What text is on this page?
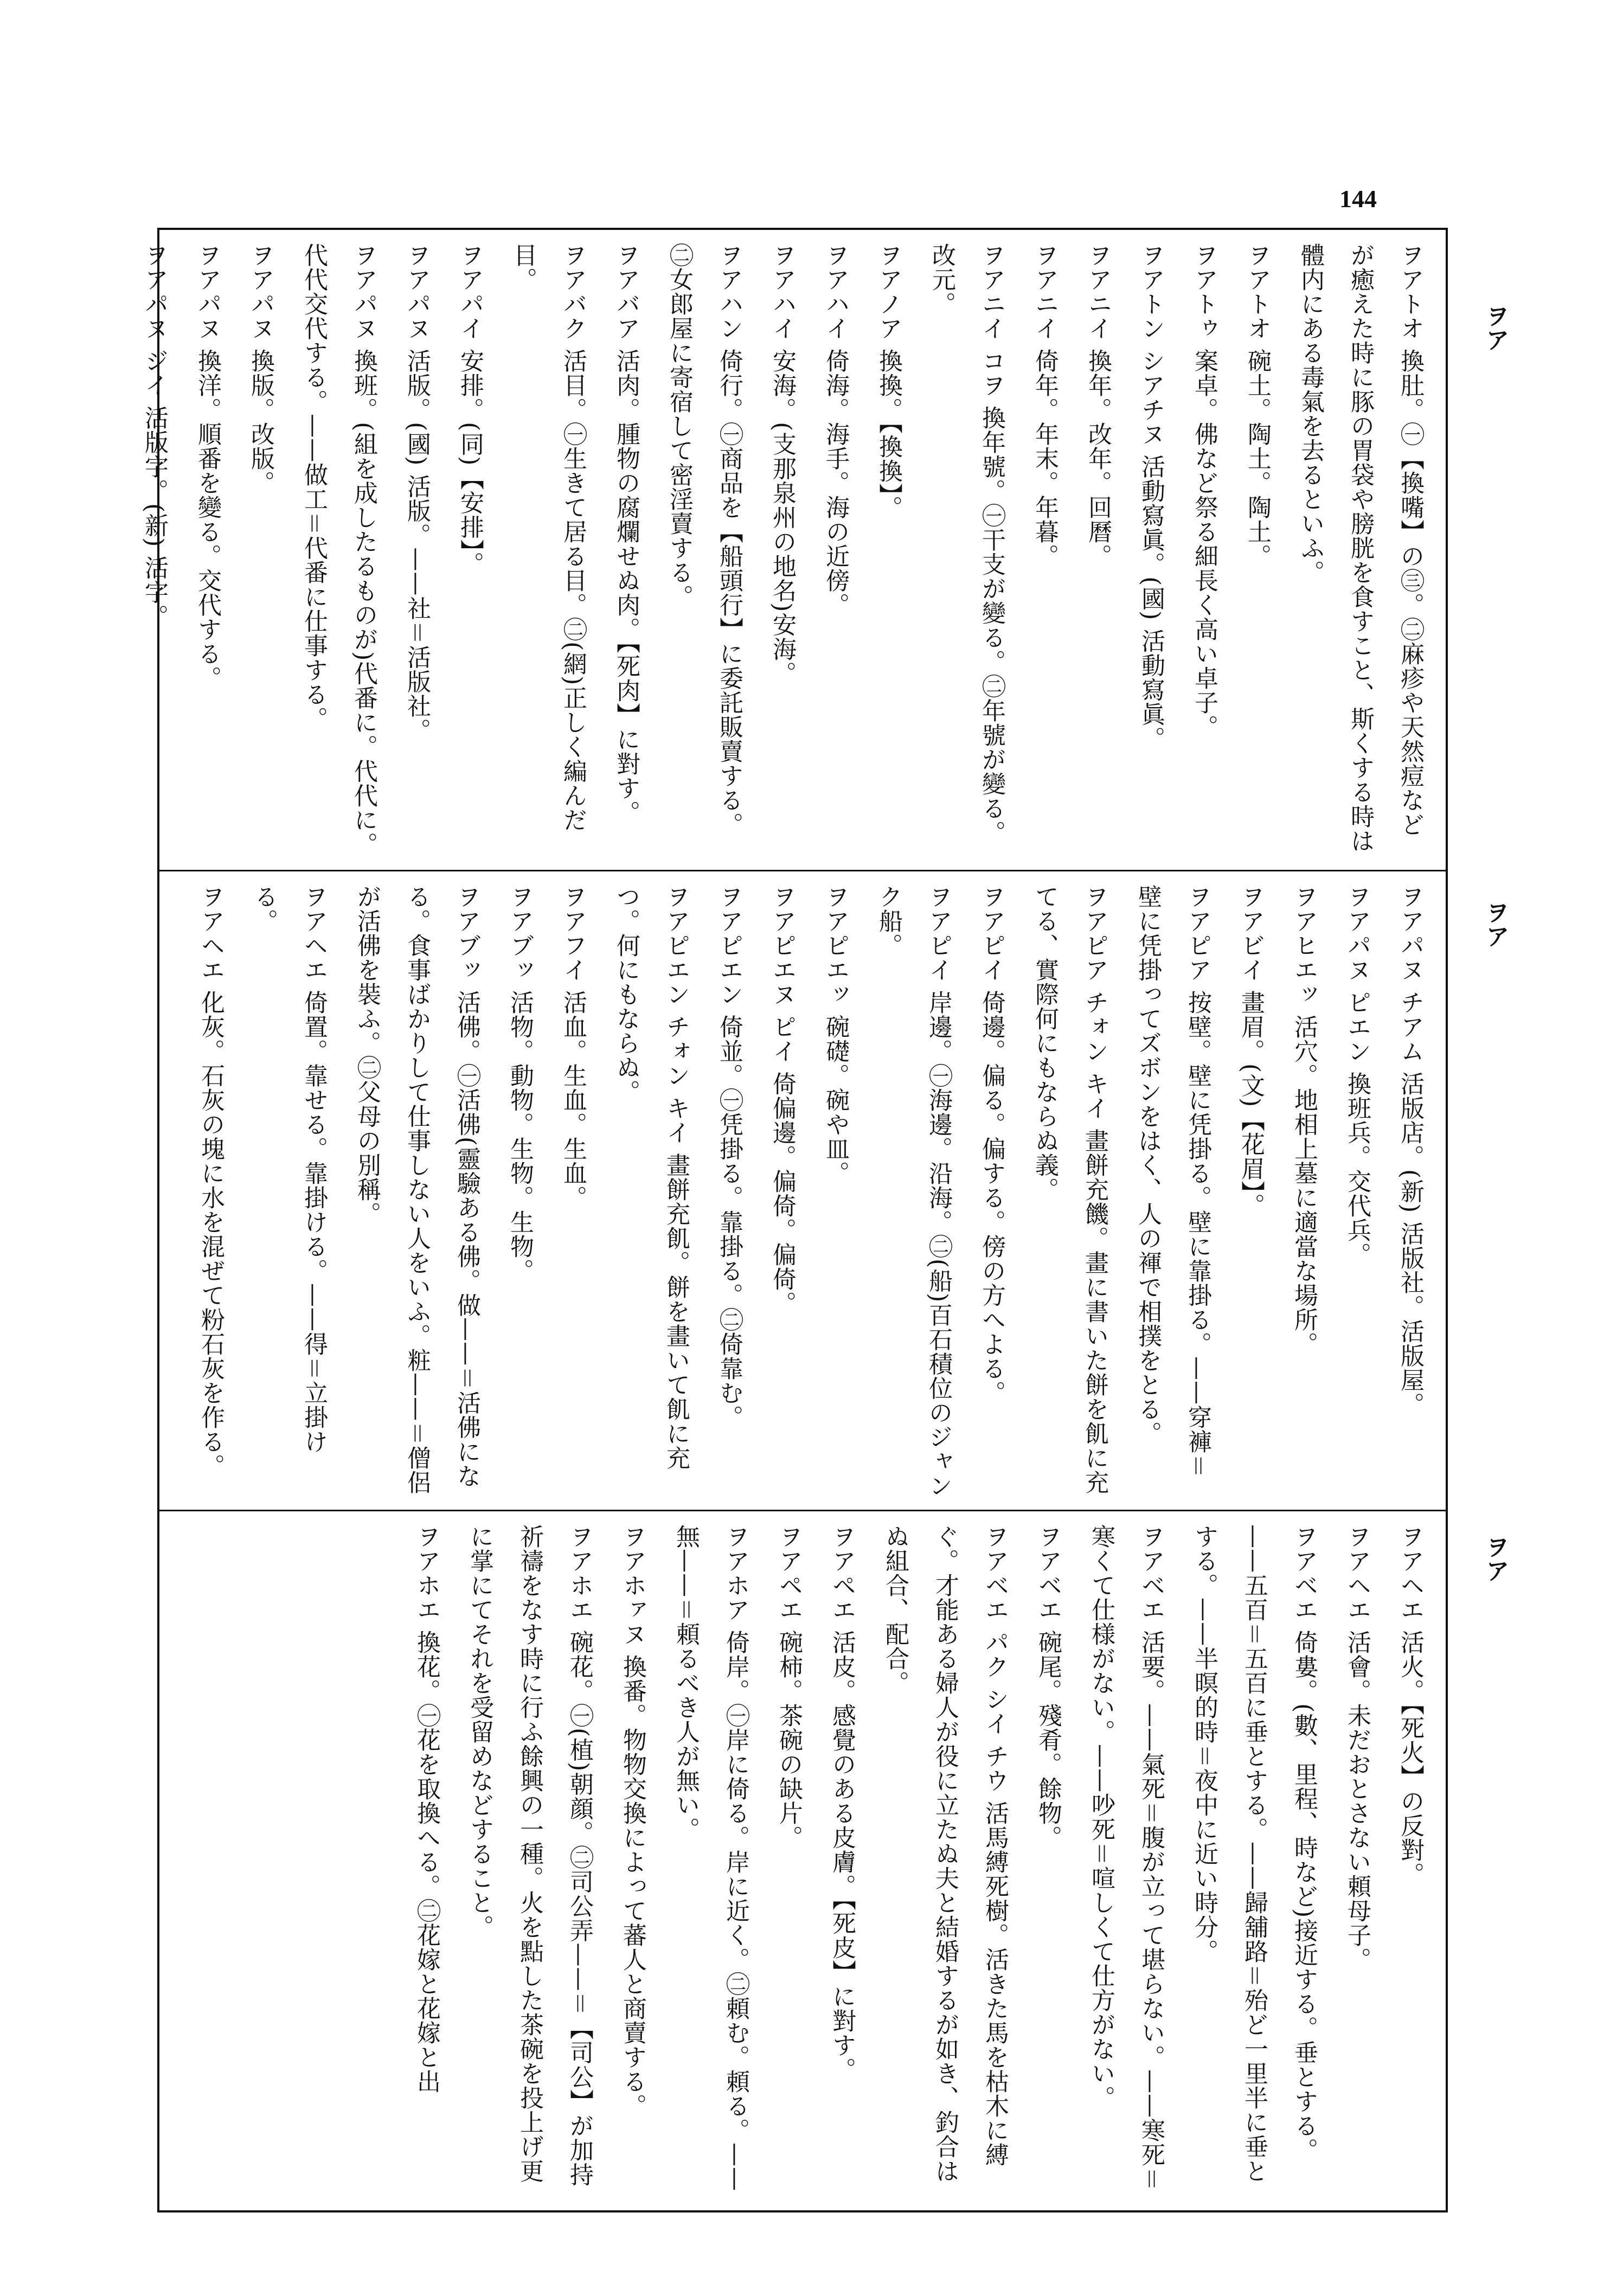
144
ヲア
ヲア
ヲア
ヲアトオ 換肚。㊀【換嘴】の㊂。㊁麻疹や天然痘などが癒えた時に豚の胃袋や膀胱を食すこと、斯くする時は體内にある毒氣を去るといふ。
ヲアトオ 碗土。陶土。陶土。
ヲアトゥ 案卓。佛など祭る細長く高い卓子。
ヲアトン シアチヌ 活動寫眞。(國) 活動寫眞。
ヲアニイ 換年。改年。回曆。
ヲアニイ 倚年。年末。年暮。
ヲアニイ コヲ 換年號。㊀干支が變る。㊁年號が變る。改元。
ヲアノア 換換。【換換】。
ヲアハイ 倚海。海手。海の近傍。
ヲアハイ 安海。(支那泉州の地名)安海。
ヲアハン 倚行。㊀商品を【船頭行】に委託販賣する。㊁女郎屋に寄宿して密淫賣する。
ヲアバア 活肉。腫物の腐爛せぬ肉。【死肉】に對す。
ヲアバク 活目。㊀生きて居る目。㊁(網)正しく編んだ目。
ヲアパイ 安排。(同)【安排】。
ヲアパヌ 活版。(國) 活版。——社＝活版社。
ヲアパヌ 換班。(組を成したるものが)代番に。代代に。代代交代する。——做工＝代番に仕事する。
ヲアパヌ 換版。改版。
ヲアパヌ 換洋。順番を變る。交代する。
ヲアパヌ ジイ 活版字。(新) 活字。
ヲアパヌ チアム 活版店。(新) 活版社。活版屋。
ヲアパヌ ピエン 換班兵。交代兵。
ヲアヒエッ 活穴。地相上墓に適當な場所。
ヲアビイ 畫眉。(文)【花眉】。
ヲアピア 按壁。壁に凭掛る。壁に靠掛る。——穿褲＝壁に凭掛ってズボンをはく、人の褌で相撲をとる。
ヲアピア チォン キイ 畫餅充饑。畫に書いた餅を飢に充てる、實際何にもならぬ義。
ヲアピイ 倚邊。偏る。偏する。傍の方へよる。
ヲアピイ 岸邊。㊀海邊。沿海。㊁(船)百石積位のジャンク船。
ヲアピエッ 碗礎。碗や皿。
ヲアピエヌ ピイ 倚偏邊。偏倚。偏倚。
ヲアピエン 倚並。㊀凭掛る。靠掛る。㊁倚靠む。
ヲアピエン チォン キイ 畫餅充飢。餅を畫いて飢に充つ。何にもならぬ。
ヲアフイ 活血。生血。生血。
ヲアブッ 活物。動物。生物。生物。
ヲアブッ 活佛。㊀活佛(靈驗ある佛。做——＝活佛になる。食事ばかりして仕事しない人をいふ。粧——＝僧侶が活佛を裝ふ。㊁父母の別稱。
ヲアヘエ 倚置。靠せる。靠掛ける。——得＝立掛ける。
ヲアヘエ 化灰。石灰の塊に水を混ぜて粉石灰を作る。
ヲアヘエ 活火。【死火】の反對。
ヲアヘエ 活會。未だおとさない頼母子。
ヲアベエ 倚婁。(數、里程、時など)接近する。垂とする。——五百＝五百に垂とする。——歸舖路＝殆ど一里半に垂とする。——半暝的時＝夜中に近い時分。
ヲアベエ 活要。——氣死＝腹が立って堪らない。——寒死＝寒くて仕様がない。——吵死＝喧しくて仕方がない。
ヲアベエ 碗尾。殘肴。餘物。
ヲアベエ パク シイ チウ 活馬縛死樹。活きた馬を枯木に縛ぐ。才能ある婦人が役に立たぬ夫と結婚するが如き、釣合はぬ組合、配合。
ヲアペエ 活皮。感覺のある皮膚。【死皮】に對す。
ヲアペエ 碗柿。茶碗の缺片。
ヲアホア 倚岸。㊀岸に倚る。岸に近く。㊁頼む。頼る。——無——＝頼るべき人が無い。
ヲアホァヌ 換番。物物交換によって蕃人と商賣する。
ヲアホエ 碗花。㊀(植)朝顔。㊁司公弄——＝【司公】が加持祈禱をなす時に行ふ餘興の一種。火を點した茶碗を投上げ更に掌にてそれを受留めなどすること。
ヲアホエ 換花。㊀花を取換へる。㊁花嫁と花嫁と出
